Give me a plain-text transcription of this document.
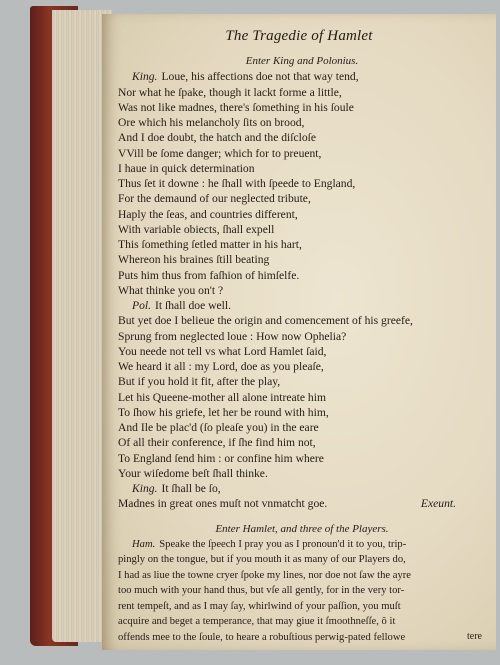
The Tragedie of Hamlet
Enter King and Polonius.
King. Loue, his affections doe not that way tend,
Nor what he ſpake, though it lackt forme a little,
Was not like madnes, there's ſomething in his ſoule
Ore which his melancholy ſits on brood,
And I doe doubt, the hatch and the diſcloſe
VVill be ſome danger; which for to preuent,
I haue in quick determination
Thus ſet it downe : he ſhall with ſpeede to England,
For the demaund of our neglected tribute,
Haply the ſeas, and countries different,
With variable obiects, ſhall expell
This ſomething ſetled matter in his hart,
Whereon his braines ſtill beating
Puts him thus from faſhion of himſelfe.
What thinke you on't ?
Pol. It ſhall doe well.
But yet doe I belieue the origin and comencement of his greefe,
Sprung from neglected loue : How now Ophelia?
You neede not tell vs what Lord Hamlet ſaid,
We heard it all : my Lord, doe as you pleaſe,
But if you hold it fit, after the play,
Let his Queene-mother all alone intreate him
To ſhow his griefe, let her be round with him,
And Ile be plac'd (ſo pleaſe you) in the eare
Of all their conference, if ſhe find him not,
To England ſend him : or confine him where
Your wiſedome beſt ſhall thinke.
King. It ſhall be ſo,
Madnes in great ones muſt not vnmatcht goe.	Exeunt.
Enter Hamlet, and three of the Players.
Ham. Speake the ſpeech I pray you as I pronoun'd it to you, trip-
pingly on the tongue, but if you mouth it as many of our Players do,
I had as liue the towne cryer ſpoke my lines, nor doe not ſaw the ayre
too much with your hand thus, but vſe all gently, for in the very tor-
rent tempeſt, and as I may ſay, whirlwind of your paſſion, you muſt
acquire and beget a temperance, that may giue it ſmoothneſſe, ô it
offends mee to the ſoule, to heare a robuſtious perwig-pated fellowe	tere
